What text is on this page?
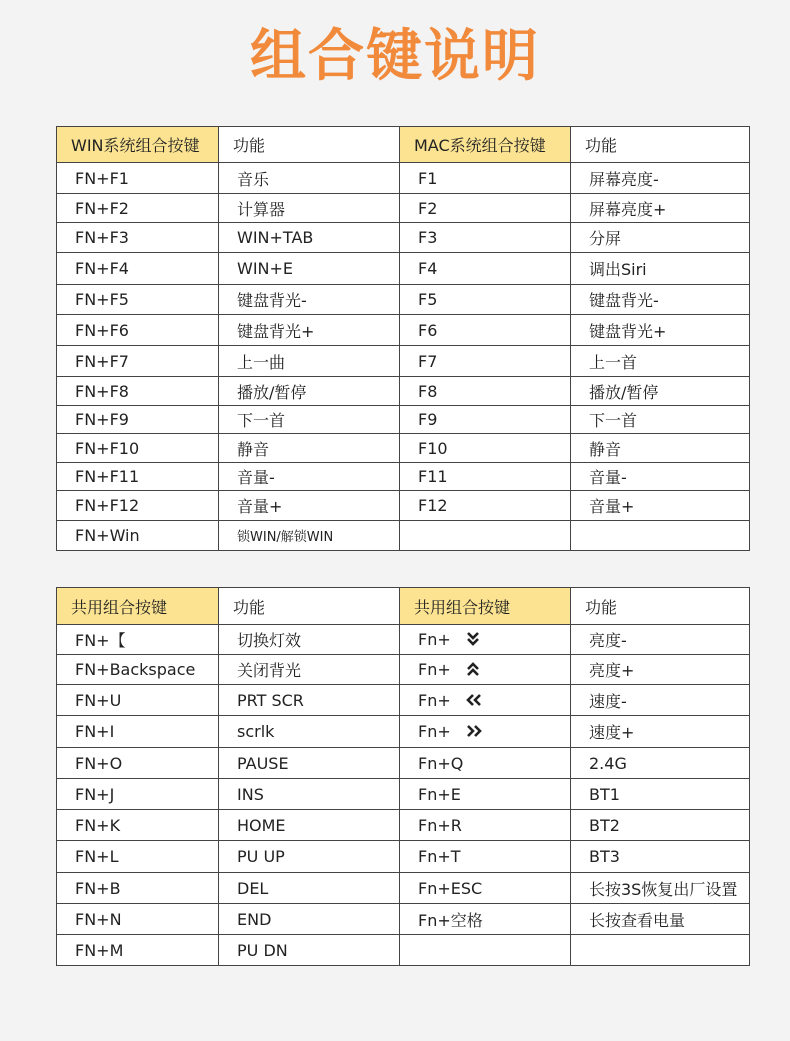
组合键说明
WIN系统组合按键	功能	MAC系统组合按键	功能
FN+F1	音乐	F1	屏幕亮度-
FN+F2	计算器	F2	屏幕亮度+
FN+F3	WIN+TAB	F3	分屏
FN+F4	WIN+E	F4	调出Siri
FN+F5	键盘背光-	F5	键盘背光-
FN+F6	键盘背光+	F6	键盘背光+
FN+F7	上一曲	F7	上一首
FN+F8	播放/暂停	F8	播放/暂停
FN+F9	下一首	F9	下一首
FN+F10	静音	F10	静音
FN+F11	音量-	F11	音量-
FN+F12	音量+	F12	音量+
FN+Win	锁WIN/解锁WIN		
共用组合按键	功能	共用组合按键	功能
FN+【	切换灯效	Fn+	亮度-
FN+Backspace	关闭背光	Fn+	亮度+
FN+U	PRT SCR	Fn+	速度-
FN+I	scrlk	Fn+	速度+
FN+O	PAUSE	Fn+Q	2.4G
FN+J	INS	Fn+E	BT1
FN+K	HOME	Fn+R	BT2
FN+L	PU UP	Fn+T	BT3
FN+B	DEL	Fn+ESC	长按3S恢复出厂设置
FN+N	END	Fn+空格	长按查看电量
FN+M	PU DN		
